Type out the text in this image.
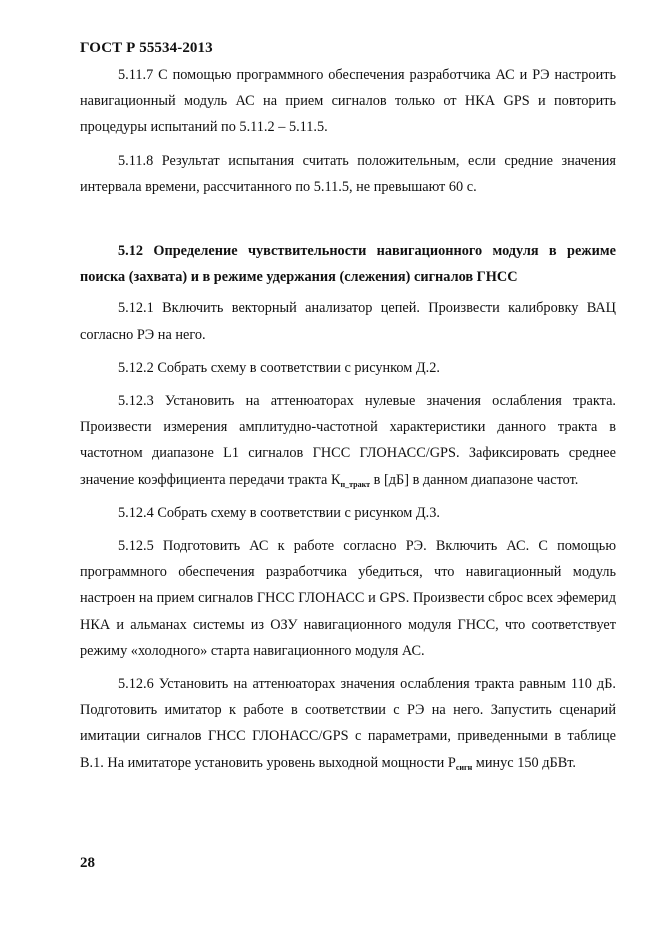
ГОСТ Р 55534-2013

5.11.7 С помощью программного обеспечения разработчика АС и РЭ настроить навигационный модуль АС на прием сигналов только от НКА GPS и повторить процедуры испытаний по 5.11.2 – 5.11.5.

5.11.8 Результат испытания считать положительным, если средние значения интервала времени, рассчитанного по 5.11.5, не превышают 60 с.

5.12 Определение чувствительности навигационного модуля в режиме поиска (захвата) и в режиме удержания (слежения) сигналов ГНСС

5.12.1 Включить векторный анализатор цепей. Произвести калибровку ВАЦ согласно РЭ на него.

5.12.2 Собрать схему в соответствии с рисунком Д.2.

5.12.3 Установить на аттенюаторах нулевые значения ослабления тракта. Произвести измерения амплитудно-частотной характеристики данного тракта в частотном диапазоне L1 сигналов ГНСС ГЛОНАСС/GPS. Зафиксировать среднее значение коэффициента передачи тракта $К_{п\_тракт}$ в [дБ] в данном диапазоне частот.

5.12.4 Собрать схему в соответствии с рисунком Д.3.

5.12.5 Подготовить АС к работе согласно РЭ. Включить АС. С помощью программного обеспечения разработчика убедиться, что навигационный модуль настроен на прием сигналов ГНСС ГЛОНАСС и GPS. Произвести сброс всех эфемерид НКА и альманах системы из ОЗУ навигационного модуля ГНСС, что соответствует режиму «холодного» старта навигационного модуля АС.

5.12.6 Установить на аттенюаторах значения ослабления тракта равным 110 дБ. Подготовить имитатор к работе в соответствии с РЭ на него. Запустить сценарий имитации сигналов ГНСС ГЛОНАСС/GPS с параметрами, приведенными в таблице В.1. На имитаторе установить уровень выходной мощности $Р_{сигн}$ минус 150 дБВт.

28
